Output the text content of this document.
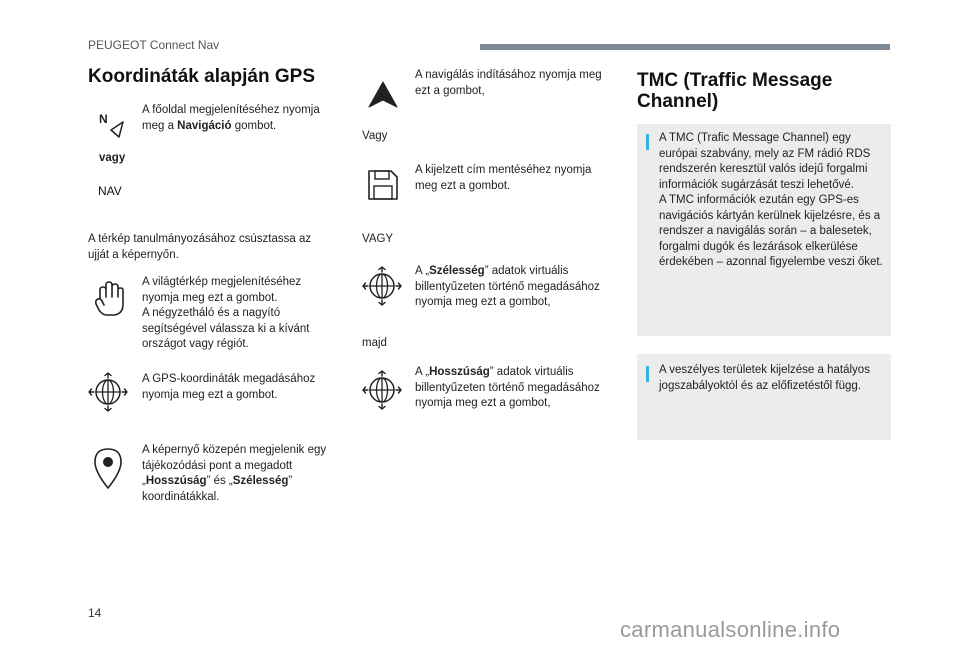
PEUGEOT Connect Nav
Koordináták alapján GPS
N
vagy
NAV
A főoldal megjelenítéséhez nyomja meg a Navigáció gombot.
A térkép tanulmányozásához csúsztassa az ujját a képernyőn.
A világtérkép megjelenítéséhez nyomja meg ezt a gombot.
A négyzetháló és a nagyító segítségével válassza ki a kívánt országot vagy régiót.
A GPS-koordináták megadásához nyomja meg ezt a gombot.
A képernyő közepén megjelenik egy tájékozódási pont a megadott „Hosszúság” és „Szélesség” koordinátákkal.
A navigálás indításához nyomja meg ezt a gombot,
Vagy
A kijelzett cím mentéséhez nyomja meg ezt a gombot.
VAGY
A „Szélesség” adatok virtuális billentyűzeten történő megadásához nyomja meg ezt a gombot,
majd
A „Hosszúság” adatok virtuális billentyűzeten történő megadásához nyomja meg ezt a gombot,
TMC (Traffic Message Channel)
A TMC (Trafic Message Channel) egy európai szabvány, mely az FM rádió RDS rendszerén keresztül valós idejű forgalmi információk sugárzását teszi lehetővé.
A TMC információk ezután egy GPS-es navigációs kártyán kerülnek kijelzésre, és a rendszer a navigálás során – a balesetek, forgalmi dugók és lezárások elkerülése érdekében – azonnal figyelembe veszi őket.
A veszélyes területek kijelzése a hatályos jogszabályoktól és az előfizetéstől függ.
14
carmanualsonline.info
